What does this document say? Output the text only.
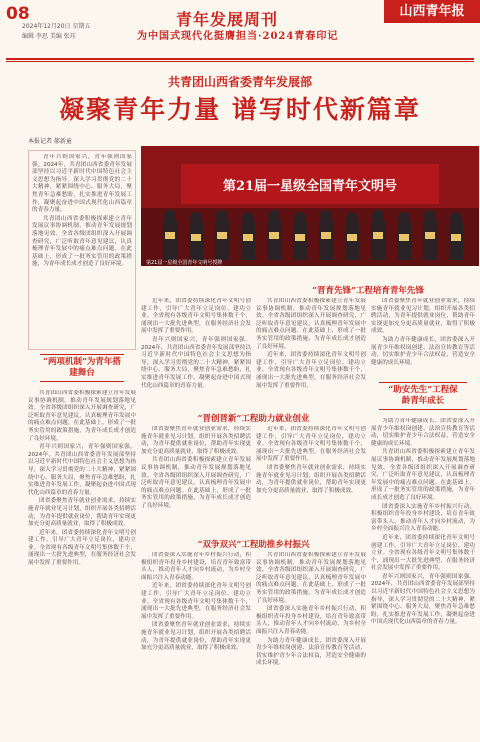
08
2024年12月20日 星期五
编辑 李思 美编 张珏
青年发展周刊
为中国式现代化挺膺担当·2024青春印记
山西青年报
共青团山西省委青年发展部
凝聚青年力量 谱写时代新篇章
本报记者 郝新童

青年兴则国家兴，青年强则国家强。2024年，共青团山西省委青年发展部坚持以习近平新时代中国特色社会主义思想为指导，深入学习贯彻党的二十大精神，紧紧围绕中心、服务大局，聚焦青年急难愁盼，扎实推进青年发展工作，凝聚起奋进中国式现代化山西篇章的青春力量。

共青团山西省委积极探索建立青年发展议事协调机制，推动青年发展规划落地见效。全省各级团组织深入开展调查研究，广泛听取青年意见建议，认真梳理青年发展中的痛点难点问题。在此基础上，形成了一批务实管用的政策措施，为青年成长成才创造了良好环境。

第21届一星级全国青年文明号
第21届一星级全国青年文明号授牌
“两项机制”为青年搭建舞台

共青团山西省委积极探索建立青年发展议事协调机制，推动青年发展规划落地见效。全省各级团组织深入开展调查研究，广泛听取青年意见建议，认真梳理青年发展中的痛点难点问题。在此基础上，形成了一批务实管用的政策措施，为青年成长成才创造了良好环境。

青年兴则国家兴，青年强则国家强。2024年，共青团山西省委青年发展部坚持以习近平新时代中国特色社会主义思想为指导，深入学习贯彻党的二十大精神，紧紧围绕中心、服务大局，聚焦青年急难愁盼，扎实推进青年发展工作，凝聚起奋进中国式现代化山西篇章的青春力量。

团省委聚焦青年就业创业需求，持续实施青年就业见习计划，组织开展各类招聘活动，为青年提供就业岗位，帮助青年实现更加充分更高质量就业，取得了积极成效。

近年来，团省委持续深化青年文明号创建工作，引导广大青年立足岗位、建功立业。全省现有各级青年文明号集体数千个，涌现出一大批先进典型，在服务经济社会发展中发挥了重要作用。

“晋育先锋”工程培育青年先锋

近年来，团省委持续深化青年文明号创建工作，引导广大青年立足岗位、建功立业。全省现有各级青年文明号集体数千个，涌现出一大批先进典型，在服务经济社会发展中发挥了重要作用。

青年兴则国家兴，青年强则国家强。2024年，共青团山西省委青年发展部坚持以习近平新时代中国特色社会主义思想为指导，深入学习贯彻党的二十大精神，紧紧围绕中心、服务大局，聚焦青年急难愁盼，扎实推进青年发展工作，凝聚起奋进中国式现代化山西篇章的青春力量。

共青团山西省委积极探索建立青年发展议事协调机制，推动青年发展规划落地见效。全省各级团组织深入开展调查研究，广泛听取青年意见建议，认真梳理青年发展中的痛点难点问题。在此基础上，形成了一批务实管用的政策措施，为青年成长成才创造了良好环境。

近年来，团省委持续深化青年文明号创建工作，引导广大青年立足岗位、建功立业。全省现有各级青年文明号集体数千个，涌现出一大批先进典型，在服务经济社会发展中发挥了重要作用。

团省委聚焦青年就业创业需求，持续实施青年就业见习计划，组织开展各类招聘活动，为青年提供就业岗位，帮助青年实现更加充分更高质量就业，取得了积极成效。

为助力青年健康成长，团省委深入开展青少年维权岗创建、法治宣传教育等活动，切实维护青少年合法权益，营造安全健康的成长环境。

“晋创晋新”工程助力就业创业

团省委聚焦青年就业创业需求，持续实施青年就业见习计划，组织开展各类招聘活动，为青年提供就业岗位，帮助青年实现更加充分更高质量就业，取得了积极成效。

共青团山西省委积极探索建立青年发展议事协调机制，推动青年发展规划落地见效。全省各级团组织深入开展调查研究，广泛听取青年意见建议，认真梳理青年发展中的痛点难点问题。在此基础上，形成了一批务实管用的政策措施，为青年成长成才创造了良好环境。

近年来，团省委持续深化青年文明号创建工作，引导广大青年立足岗位、建功立业。全省现有各级青年文明号集体数千个，涌现出一大批先进典型，在服务经济社会发展中发挥了重要作用。

团省委聚焦青年就业创业需求，持续实施青年就业见习计划，组织开展各类招聘活动，为青年提供就业岗位，帮助青年实现更加充分更高质量就业，取得了积极成效。

“助安先生”工程保龄青年成长

为助力青年健康成长，团省委深入开展青少年维权岗创建、法治宣传教育等活动，切实维护青少年合法权益，营造安全健康的成长环境。

共青团山西省委积极探索建立青年发展议事协调机制，推动青年发展规划落地见效。全省各级团组织深入开展调查研究，广泛听取青年意见建议，认真梳理青年发展中的痛点难点问题。在此基础上，形成了一批务实管用的政策措施，为青年成长成才创造了良好环境。

团省委深入实施青年乡村振兴行动，积极组织青年投身乡村建设，培育青年致富带头人，推动青年人才向乡村流动，为乡村全面振兴注入青春动能。

近年来，团省委持续深化青年文明号创建工作，引导广大青年立足岗位、建功立业。全省现有各级青年文明号集体数千个，涌现出一大批先进典型，在服务经济社会发展中发挥了重要作用。

青年兴则国家兴，青年强则国家强。2024年，共青团山西省委青年发展部坚持以习近平新时代中国特色社会主义思想为指导，深入学习贯彻党的二十大精神，紧紧围绕中心、服务大局，聚焦青年急难愁盼，扎实推进青年发展工作，凝聚起奋进中国式现代化山西篇章的青春力量。

“双争双兴”工程助推乡村振兴

团省委深入实施青年乡村振兴行动，积极组织青年投身乡村建设，培育青年致富带头人，推动青年人才向乡村流动，为乡村全面振兴注入青春动能。

近年来，团省委持续深化青年文明号创建工作，引导广大青年立足岗位、建功立业。全省现有各级青年文明号集体数千个，涌现出一大批先进典型，在服务经济社会发展中发挥了重要作用。

团省委聚焦青年就业创业需求，持续实施青年就业见习计划，组织开展各类招聘活动，为青年提供就业岗位，帮助青年实现更加充分更高质量就业，取得了积极成效。

共青团山西省委积极探索建立青年发展议事协调机制，推动青年发展规划落地见效。全省各级团组织深入开展调查研究，广泛听取青年意见建议，认真梳理青年发展中的痛点难点问题。在此基础上，形成了一批务实管用的政策措施，为青年成长成才创造了良好环境。

团省委深入实施青年乡村振兴行动，积极组织青年投身乡村建设，培育青年致富带头人，推动青年人才向乡村流动，为乡村全面振兴注入青春动能。

为助力青年健康成长，团省委深入开展青少年维权岗创建、法治宣传教育等活动，切实维护青少年合法权益，营造安全健康的成长环境。
